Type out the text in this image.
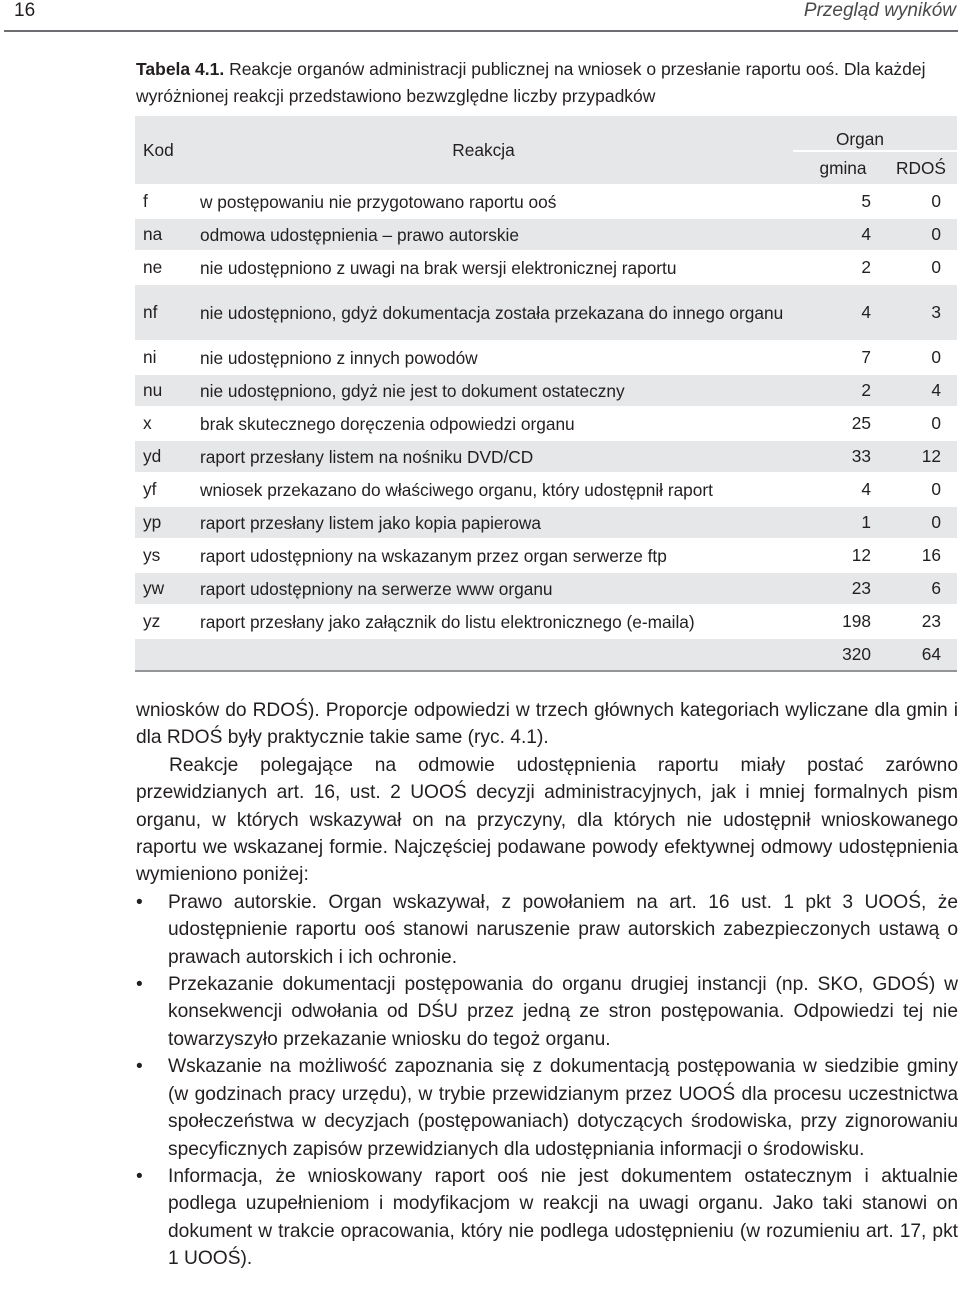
16	Przegląd wyników
Tabela 4.1. Reakcje organów administracji publicznej na wniosek o przesłanie raportu ooś. Dla każdej wyróżnionej reakcji przedstawiono bezwzględne liczby przypadków
Kod	Reakcja	Organ	
		gmina	RDOŚ
f	w postępowaniu nie przygotowano raportu ooś	5	0
na	odmowa udostępnienia – prawo autorskie	4	0
ne	nie udostępniono z uwagi na brak wersji elektronicznej raportu	2	0
nf	nie udostępniono, gdyż dokumentacja została przekazana do innego organu	4	3
ni	nie udostępniono z innych powodów	7	0
nu	nie udostępniono, gdyż nie jest to dokument ostateczny	2	4
x	brak skutecznego doręczenia odpowiedzi organu	25	0
yd	raport przesłany listem na nośniku DVD/CD	33	12
yf	wniosek przekazano do właściwego organu, który udostępnił raport	4	0
yp	raport przesłany listem jako kopia papierowa	1	0
ys	raport udostępniony na wskazanym przez organ serwerze ftp	12	16
yw	raport udostępniony na serwerze www organu	23	6
yz	raport przesłany jako załącznik do listu elektronicznego (e-maila)	198	23
		320	64

wniosków do RDOŚ). Proporcje odpowiedzi w trzech głównych kategoriach wyliczane dla gmin i dla RDOŚ były praktycznie takie same (ryc. 4.1).

Reakcje polegające na odmowie udostępnienia raportu miały postać zarówno przewidzianych art. 16, ust. 2 UOOŚ decyzji administracyjnych, jak i mniej formalnych pism organu, w których wskazywał on na przyczyny, dla których nie udostępnił wnioskowanego raportu we wskazanej formie. Najczęściej podawane powody efektywnej odmowy udostępnienia wymieniono poniżej:

• Prawo autorskie. Organ wskazywał, z powołaniem na art. 16 ust. 1 pkt 3 UOOŚ, że udostępnienie raportu ooś stanowi naruszenie praw autorskich zabezpieczonych ustawą o prawach autorskich i ich ochronie.
• Przekazanie dokumentacji postępowania do organu drugiej instancji (np. SKO, GDOŚ) w konsekwencji odwołania od DŚU przez jedną ze stron postępowania. Odpowiedzi tej nie towarzyszyło przekazanie wniosku do tegoż organu.
• Wskazanie na możliwość zapoznania się z dokumentacją postępowania w siedzibie gminy (w godzinach pracy urzędu), w trybie przewidzianym przez UOOŚ dla procesu uczestnictwa społeczeństwa w decyzjach (postępowaniach) dotyczących środowiska, przy zignorowaniu specyficznych zapisów przewidzianych dla udostępniania informacji o środowisku.
• Informacja, że wnioskowany raport ooś nie jest dokumentem ostatecznym i aktualnie podlega uzupełnieniom i modyfikacjom w reakcji na uwagi organu. Jako taki stanowi on dokument w trakcie opracowania, który nie podlega udostępnieniu (w rozumieniu art. 17, pkt 1 UOOŚ).
